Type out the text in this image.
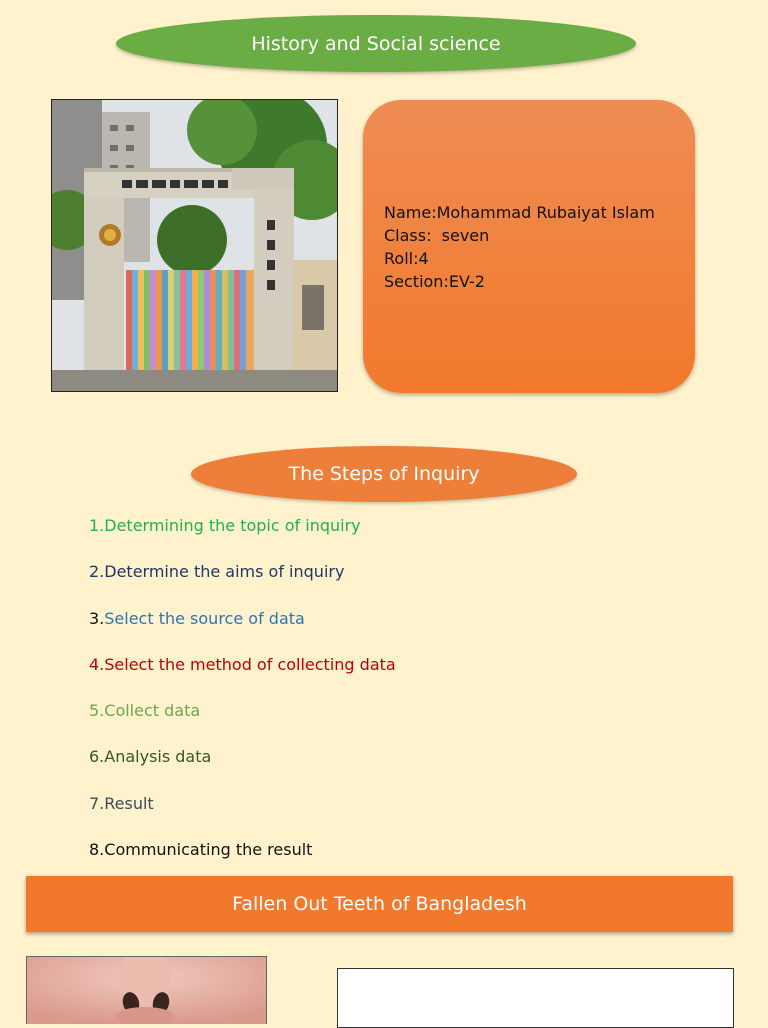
History and Social science
Name:Mohammad Rubaiyat Islam
Class:  seven
Roll:4
Section:EV-2
The Steps of Inquiry
1.Determining the topic of inquiry
2.Determine the aims of inquiry
3.Select the source of data
4.Select the method of collecting data
5.Collect data
6.Analysis data
7.Result
8.Communicating the result
Fallen Out Teeth of Bangladesh
